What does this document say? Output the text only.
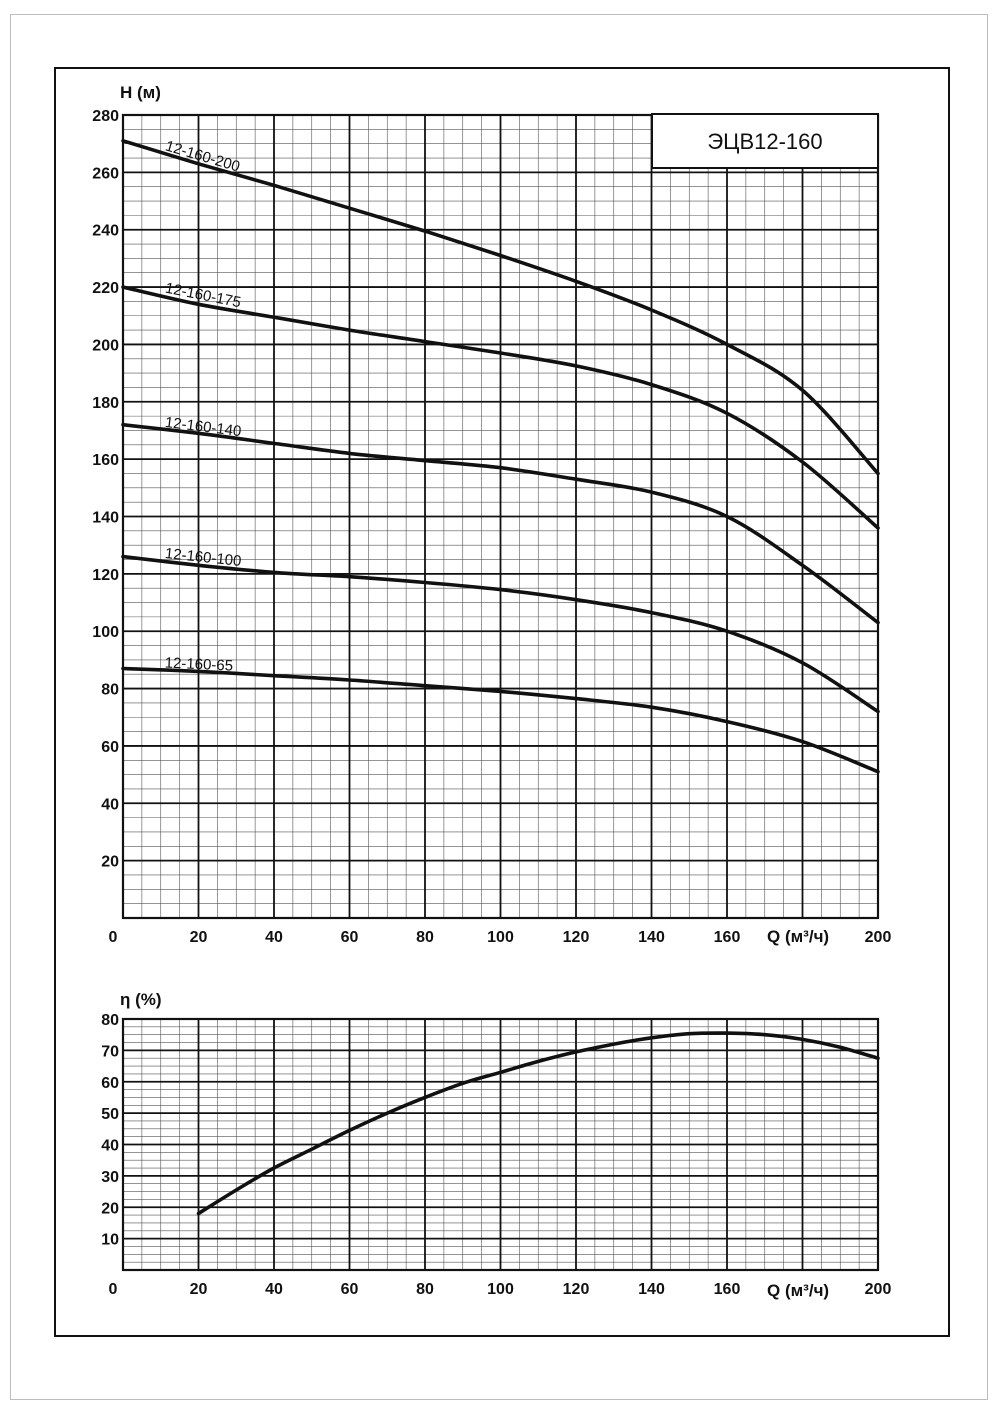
20
40
60
80
100
120
140
160
180
200
220
240
260
280
0	20	40	60	80	100	120	140	160	200
12-160-200
12-160-175
12-160-140
12-160-100
12-160-65
H (м)
Q (м³/ч)
ЭЦВ12-160
10
20
30
40
50
60
70
80
0	20	40	60	80	100	120	140	160	200
η (%)
Q (м³/ч)
